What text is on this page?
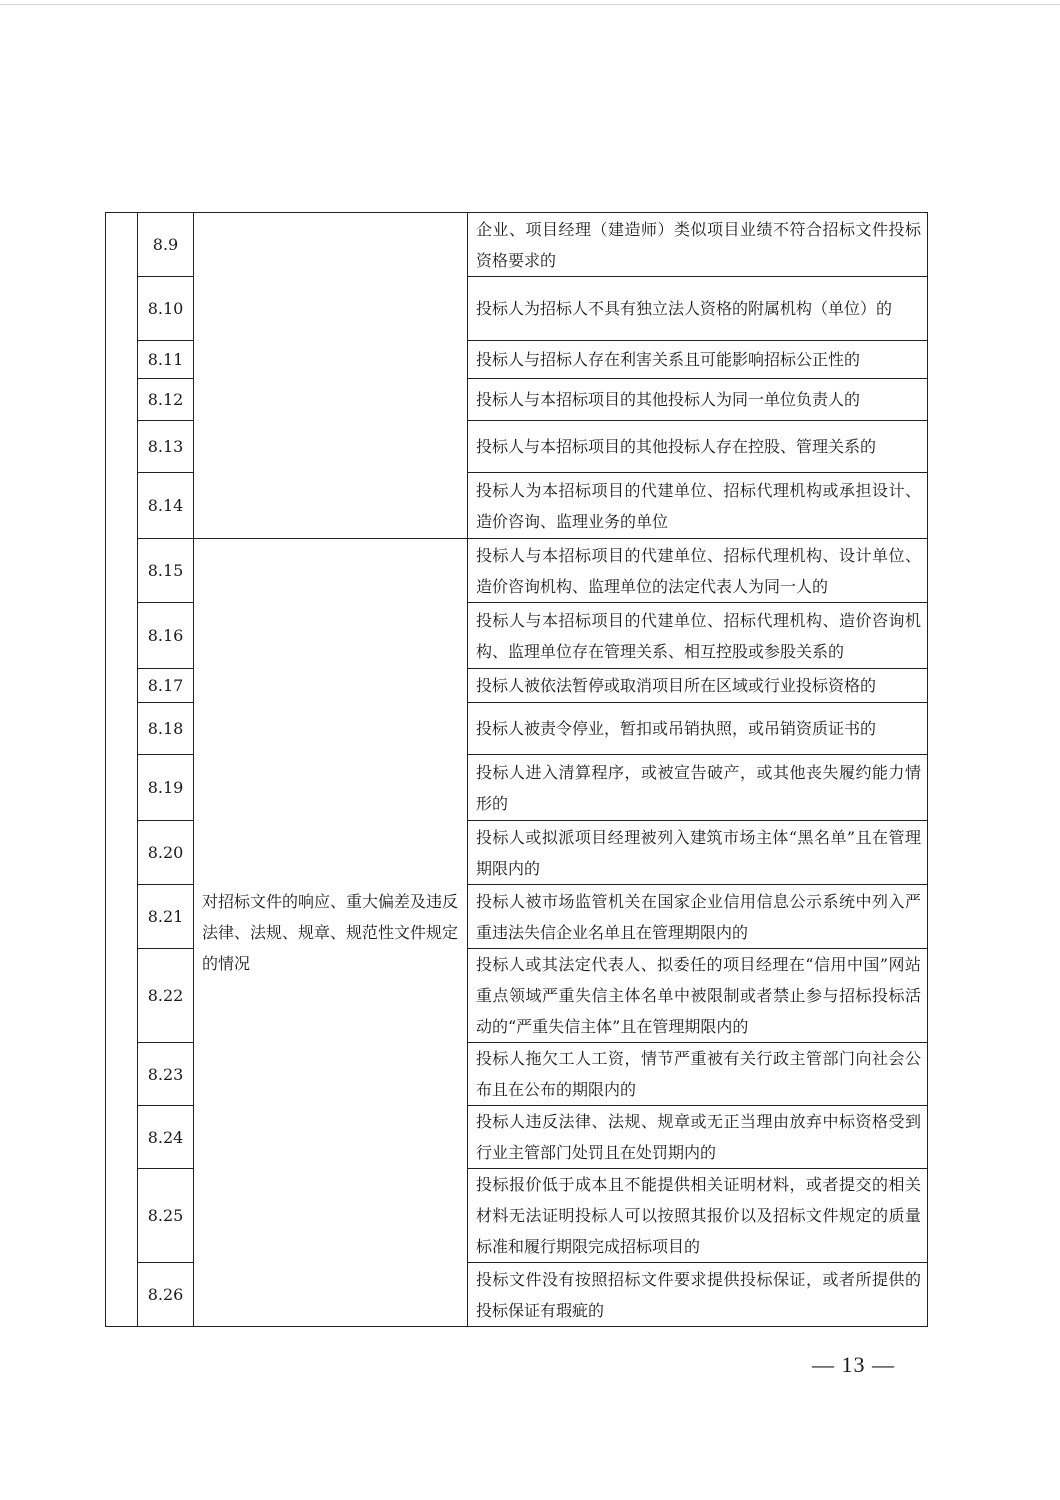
	8.9		企业、项目经理（建造师）类似项目业绩不符合招标文件投标资格要求的
	8.10		投标人为招标人不具有独立法人资格的附属机构（单位）的
	8.11		投标人与招标人存在利害关系且可能影响招标公正性的
	8.12		投标人与本招标项目的其他投标人为同一单位负责人的
	8.13		投标人与本招标项目的其他投标人存在控股、管理关系的
	8.14		投标人为本招标项目的代建单位、招标代理机构或承担设计、造价咨询、监理业务的单位
	8.15	对招标文件的响应、重大偏差及违反法律、法规、规章、规范性文件规定的情况	投标人与本招标项目的代建单位、招标代理机构、设计单位、造价咨询机构、监理单位的法定代表人为同一人的
	8.16		投标人与本招标项目的代建单位、招标代理机构、造价咨询机构、监理单位存在管理关系、相互控股或参股关系的
	8.17		投标人被依法暂停或取消项目所在区域或行业投标资格的
	8.18		投标人被责令停业，暂扣或吊销执照，或吊销资质证书的
	8.19		投标人进入清算程序，或被宣告破产，或其他丧失履约能力情形的
	8.20		投标人或拟派项目经理被列入建筑市场主体“黑名单”且在管理期限内的
	8.21		投标人被市场监管机关在国家企业信用信息公示系统中列入严重违法失信企业名单且在管理期限内的
	8.22		投标人或其法定代表人、拟委任的项目经理在“信用中国”网站重点领域严重失信主体名单中被限制或者禁止参与招标投标活动的“严重失信主体”且在管理期限内的
	8.23		投标人拖欠工人工资，情节严重被有关行政主管部门向社会公布且在公布的期限内的
	8.24		投标人违反法律、法规、规章或无正当理由放弃中标资格受到行业主管部门处罚且在处罚期内的
	8.25		投标报价低于成本且不能提供相关证明材料，或者提交的相关材料无法证明投标人可以按照其报价以及招标文件规定的质量标准和履行期限完成招标项目的
	8.26		投标文件没有按照招标文件要求提供投标保证，或者所提供的投标保证有瑕疵的
— 13 —
